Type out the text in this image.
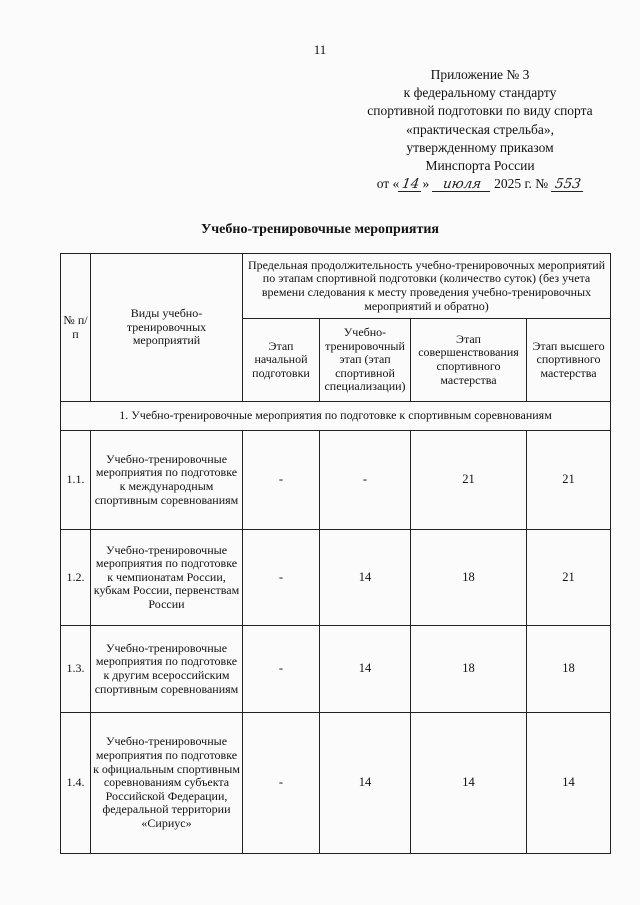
11
Приложение № 3
к федеральному стандарту
спортивной подготовки по виду спорта
«практическая стрельба»,
утвержденному приказом
Минспорта России
от « 14 » июля 2025 г. № 553
Учебно-тренировочные мероприятия
№ п/п	Виды учебно-тренировочных мероприятий	Предельная продолжительность учебно-тренировочных мероприятий по этапам спортивной подготовки (количество суток) (без учета времени следования к месту проведения учебно-тренировочных мероприятий и обратно)			
		Этап начальной подготовки	Учебно-тренировочный этап (этап спортивной специализации)	Этап совершенствования спортивного мастерства	Этап высшего спортивного мастерства
1. Учебно-тренировочные мероприятия по подготовке к спортивным соревнованиям					
1.1.	Учебно-тренировочные мероприятия по подготовке к международным спортивным соревнованиям	-	-	21	21
1.2.	Учебно-тренировочные мероприятия по подготовке к чемпионатам России, кубкам России, первенствам России	-	14	18	21
1.3.	Учебно-тренировочные мероприятия по подготовке к другим всероссийским спортивным соревнованиям	-	14	18	18
1.4.	Учебно-тренировочные мероприятия по подготовке к официальным спортивным соревнованиям субъекта Российской Федерации, федеральной территории «Сириус»	-	14	14	14
